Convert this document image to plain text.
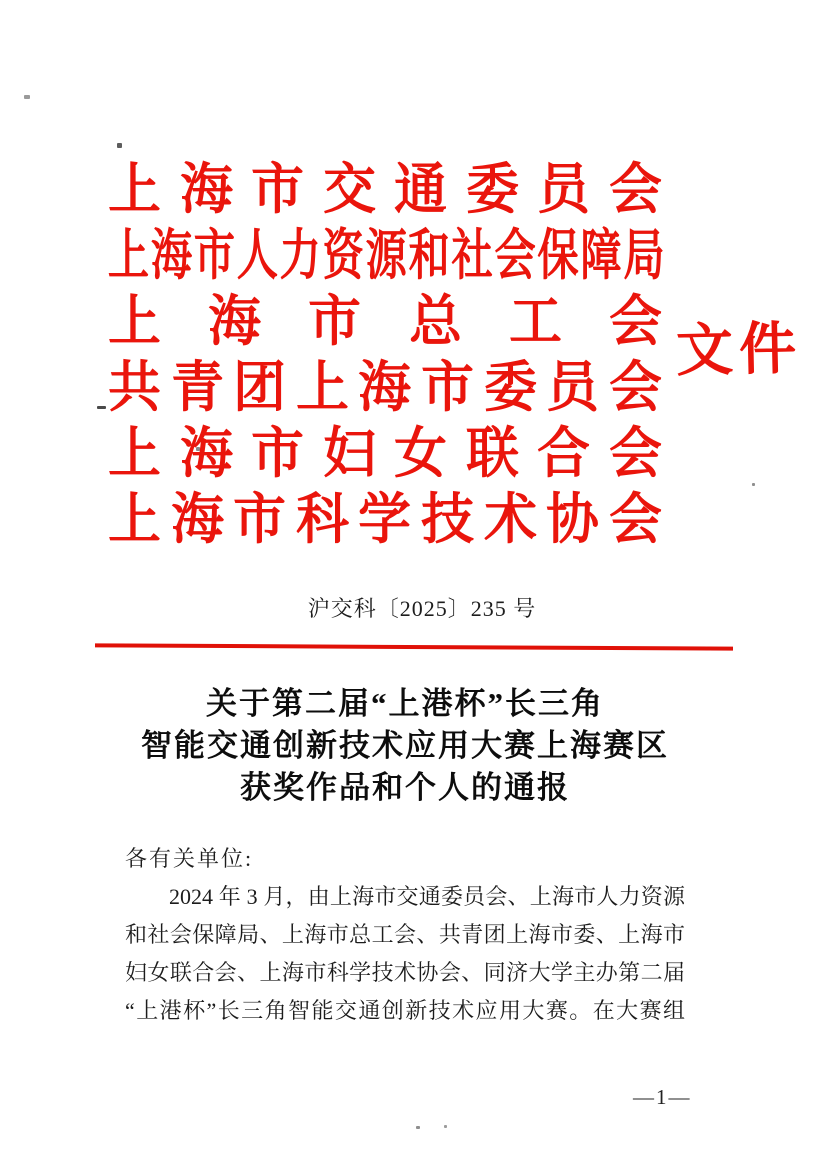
上 海 市 交 通 委 员 会
上 海 市 人 力 资 源 和 社 会 保 障 局
上 海 市 总 工 会
共 青 团 上 海 市 委 员 会
上 海 市 妇 女 联 合 会
上 海 市 科 学 技 术 协 会
文件
沪交科〔2025〕235 号
关于第二届“上港杯”长三角
智能交通创新技术应用大赛上海赛区
获奖作品和个人的通报
各有关单位:
2024 年 3 月，由上海市交通委员会、上海市人力资源
和社会保障局、上海市总工会、共青团上海市委、上海市
妇女联合会、上海市科学技术协会、同济大学主办第二届
“上港杯”长三角智能交通创新技术应用大赛。在大赛组
—1—
